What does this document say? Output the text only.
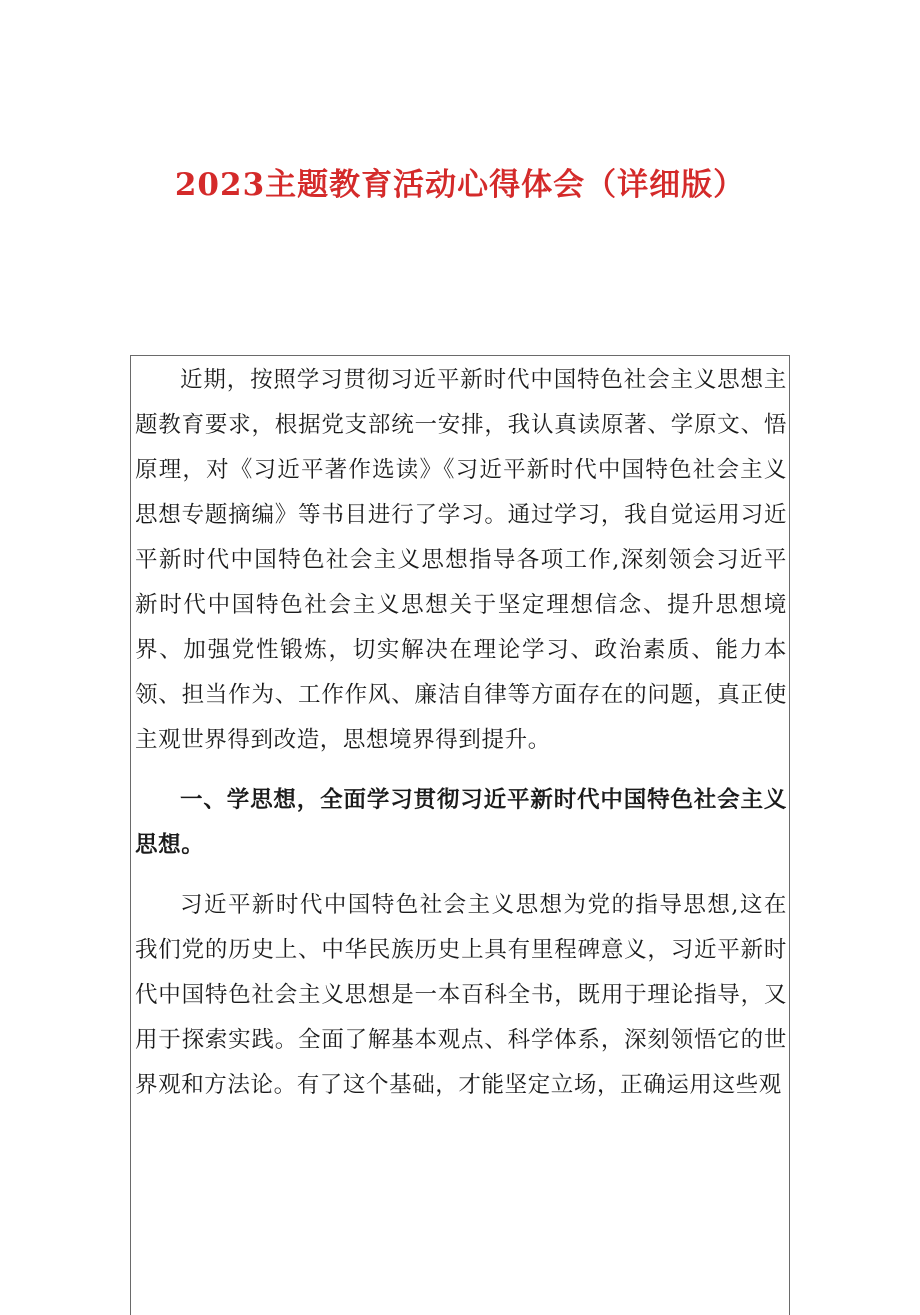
2023主题教育活动心得体会（详细版）

近期，按照学习贯彻习近平新时代中国特色社会主义思想主题教育要求，根据党支部统一安排，我认真读原著、学原文、悟原理，对《习近平著作选读》《习近平新时代中国特色社会主义思想专题摘编》等书目进行了学习。通过学习，我自觉运用习近平新时代中国特色社会主义思想指导各项工作,深刻领会习近平新时代中国特色社会主义思想关于坚定理想信念、提升思想境界、加强党性锻炼，切实解决在理论学习、政治素质、能力本领、担当作为、工作作风、廉洁自律等方面存在的问题，真正使主观世界得到改造，思想境界得到提升。

一、学思想，全面学习贯彻习近平新时代中国特色社会主义思想。

习近平新时代中国特色社会主义思想为党的指导思想,这在我们党的历史上、中华民族历史上具有里程碑意义，习近平新时代中国特色社会主义思想是一本百科全书，既用于理论指导，又用于探索实践。全面了解基本观点、科学体系，深刻领悟它的世界观和方法论。有了这个基础，才能坚定立场，正确运用这些观
